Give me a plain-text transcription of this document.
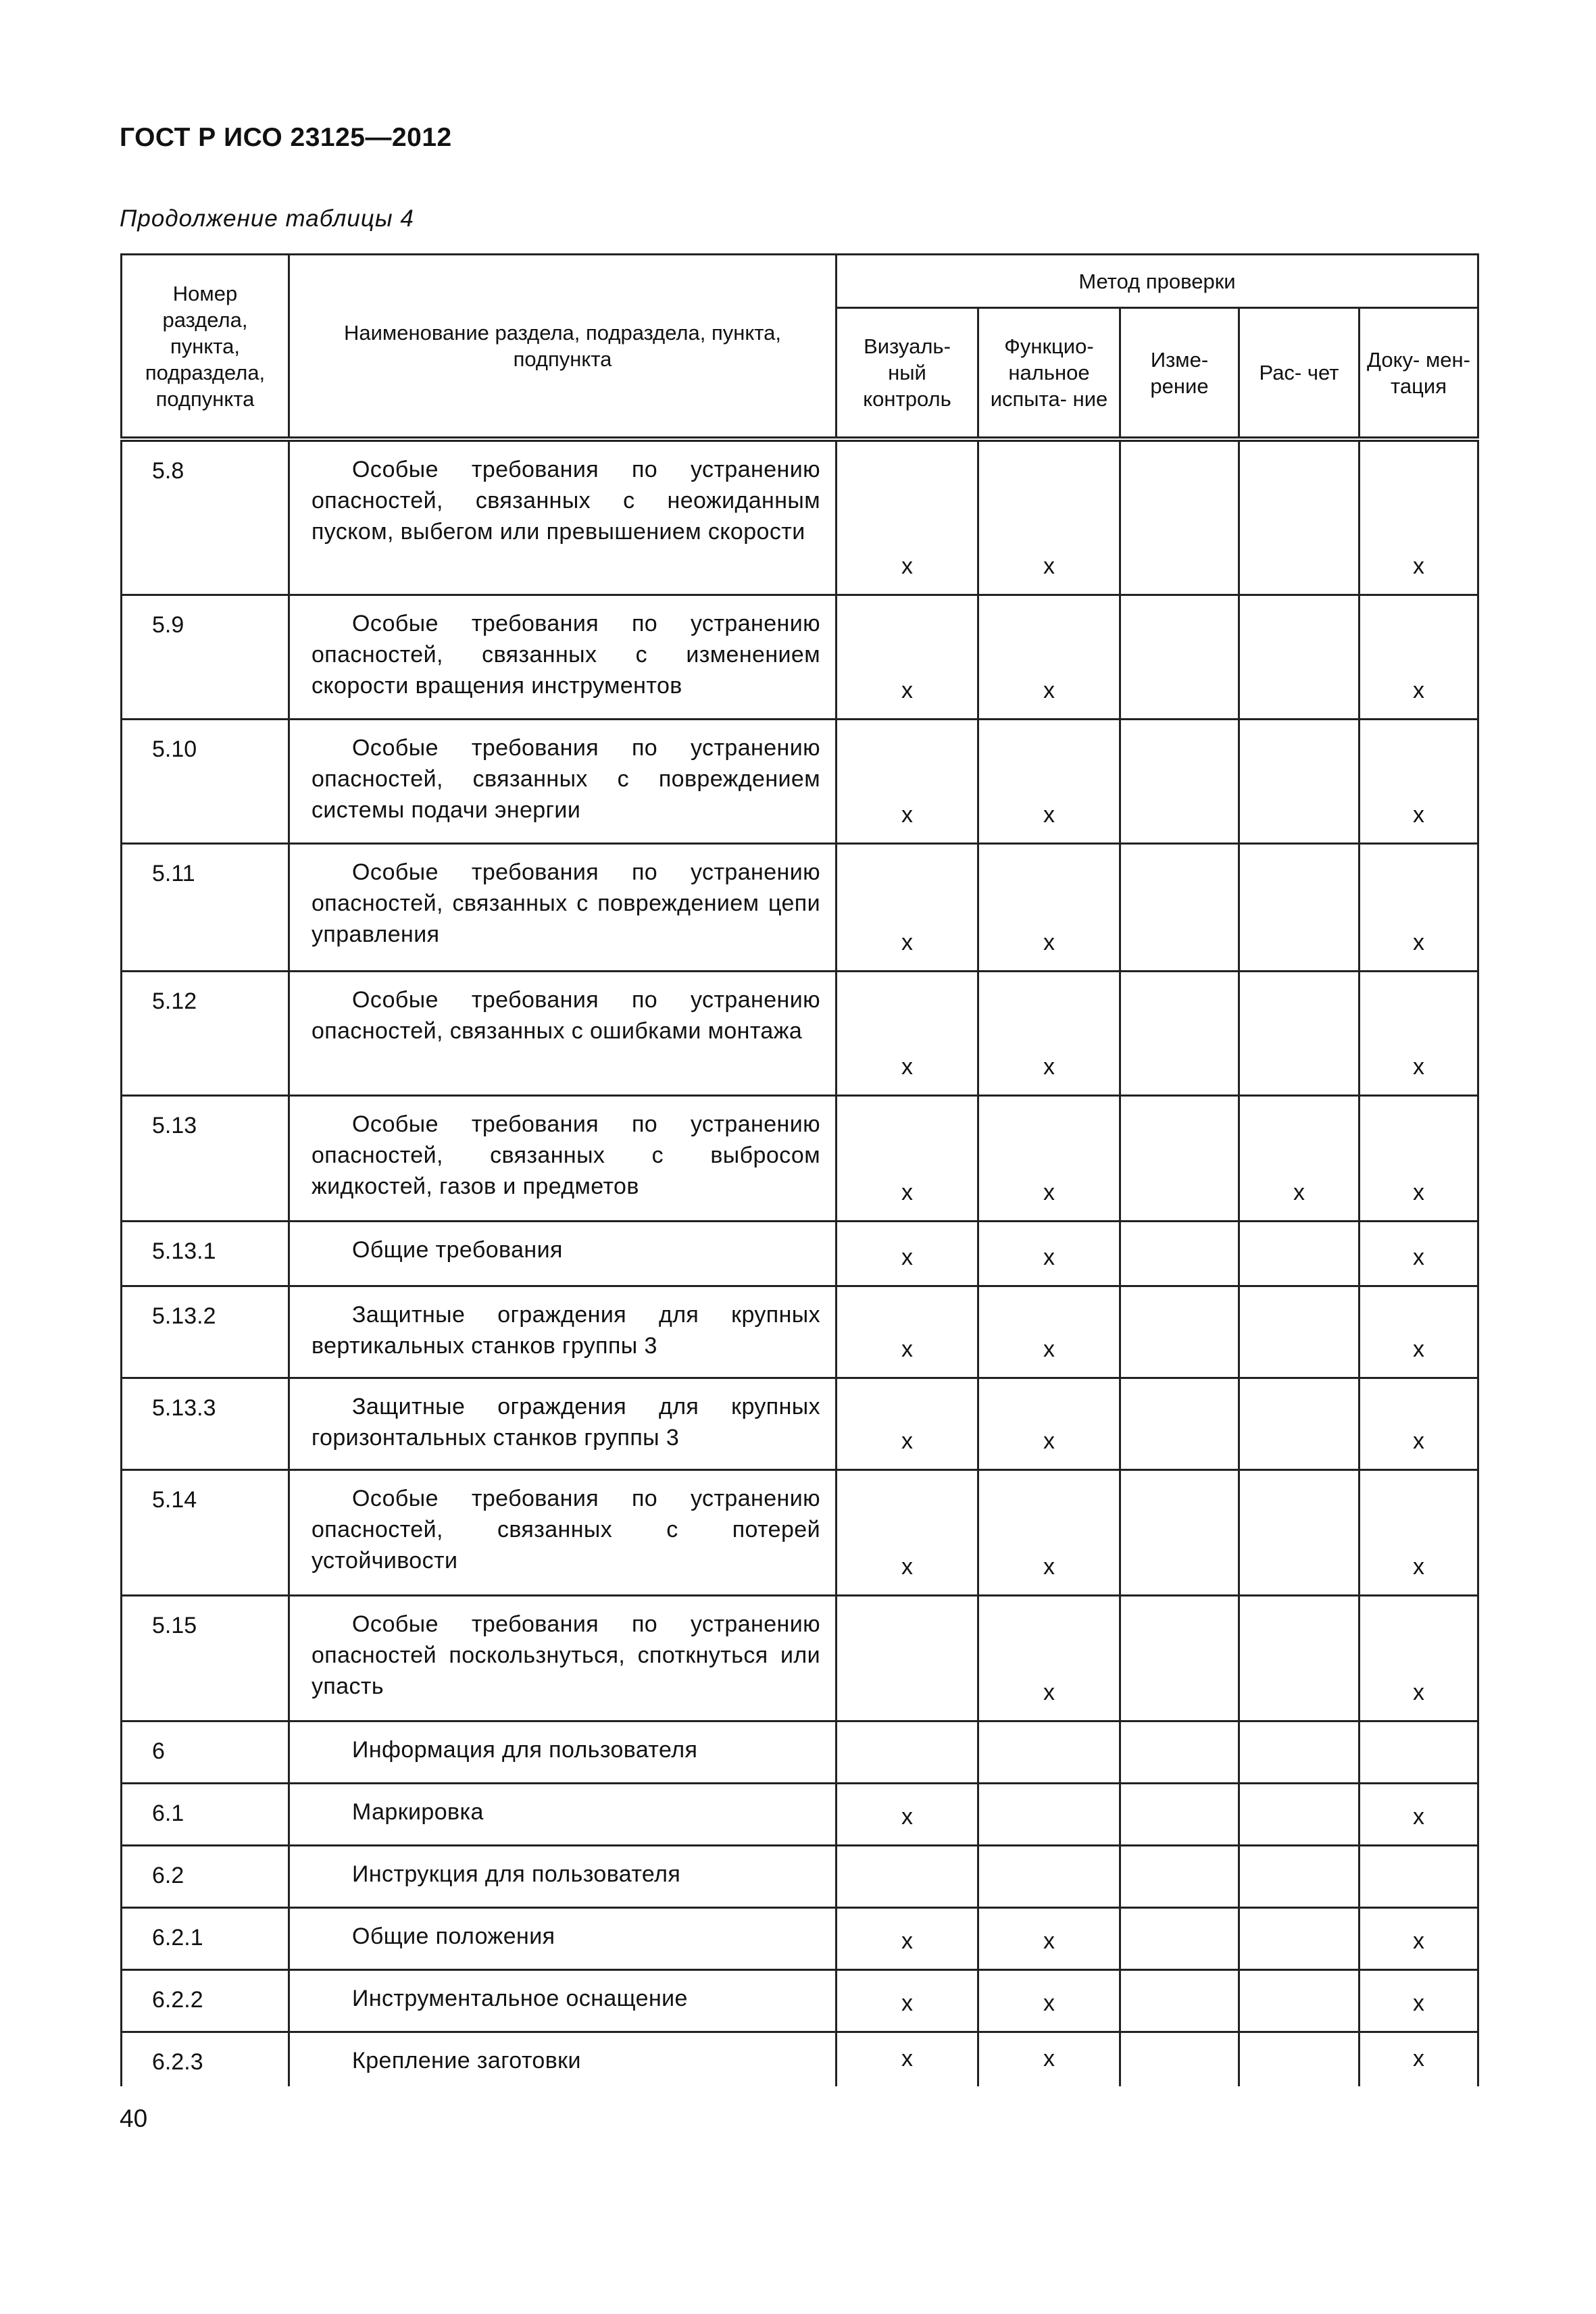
ГОСТ Р ИСО 23125—2012
Продолжение таблицы 4
Номер раздела, пункта, подраздела, подпункта	Наименование раздела, подраздела, пункта, подпункта	Метод проверки				

		Визуаль- ный контроль	Функцио- нальное испыта- ние	Изме- рение	Рас- чет	Доку- мен- тация

5.8	Особые требования по устранению опасностей, связанных с неожиданным пуском, выбегом или превышением скорости	x	x			x
5.9	Особые требования по устранению опасностей, связанных с изменением скорости вращения инструментов	x	x			x
5.10	Особые требования по устранению опасностей, связанных с повреждением системы подачи энергии	x	x			x
5.11	Особые требования по устранению опасностей, связанных с повреждением цепи управления	x	x			x
5.12	Особые требования по устранению опасностей, связанных с ошибками монтажа	x	x			x
5.13	Особые требования по устранению опасностей, связанных с выбросом жидкостей, газов и предметов	x	x		x	x
5.13.1	Общие требования	x	x			x
5.13.2	Защитные ограждения для крупных вертикальных станков группы 3	x	x			x
5.13.3	Защитные ограждения для крупных горизонтальных станков группы 3	x	x			x
5.14	Особые требования по устранению опасностей, связанных с потерей устойчивости	x	x			x
5.15	Особые требования по устранению опасностей поскользнуться, споткнуться или упасть		x			x
6	Информация для пользователя					
6.1	Маркировка	x				x
6.2	Инструкция для пользователя					
6.2.1	Общие положения	x	x			x
6.2.2	Инструментальное оснащение	x	x			x
6.2.3	Крепление заготовки	x	x			x
40
